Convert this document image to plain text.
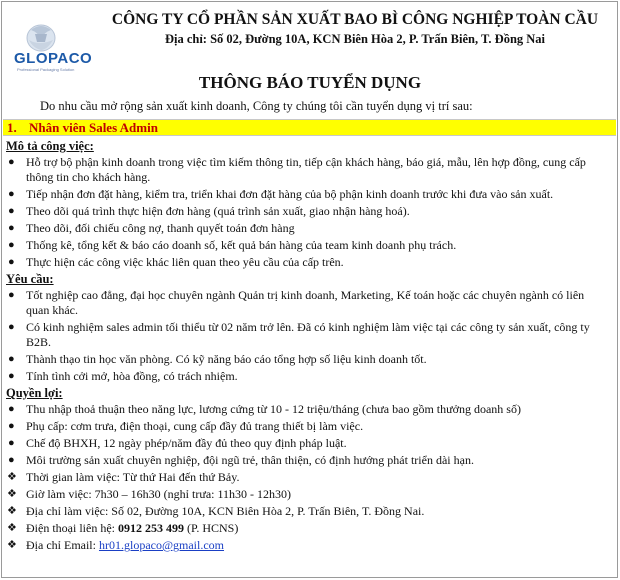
GLOPACO
Professional Packaging Solution
CÔNG TY CỔ PHẦN SẢN XUẤT BAO BÌ CÔNG NGHIỆP TOÀN CẦU
Địa chỉ: Số 02, Đường 10A, KCN Biên Hòa 2, P. Trấn Biên, T. Đồng Nai
THÔNG BÁO TUYỂN DỤNG
Do nhu cầu mở rộng sản xuất kinh doanh, Công ty chúng tôi cần tuyển dụng vị trí sau:
1. Nhân viên Sales Admin
Mô tả công việc:
● Hỗ trợ bộ phận kinh doanh trong việc tìm kiếm thông tin, tiếp cận khách hàng, báo giá, mẫu, lên hợp đồng, cung cấp thông tin cho khách hàng.
● Tiếp nhận đơn đặt hàng, kiểm tra, triển khai đơn đặt hàng của bộ phận kinh doanh trước khi đưa vào sản xuất.
● Theo dõi quá trình thực hiện đơn hàng (quá trình sản xuất, giao nhận hàng hoá).
● Theo dõi, đối chiếu công nợ, thanh quyết toán đơn hàng
● Thống kê, tổng kết & báo cáo doanh số, kết quả bán hàng của team kinh doanh phụ trách.
● Thực hiện các công việc khác liên quan theo yêu cầu của cấp trên.
Yêu cầu:
● Tốt nghiệp cao đẳng, đại học chuyên ngành Quản trị kinh doanh, Marketing, Kế toán hoặc các chuyên ngành có liên quan khác.
● Có kinh nghiệm sales admin tối thiểu từ 02 năm trở lên. Đã có kinh nghiệm làm việc tại các công ty sản xuất, công ty B2B.
● Thành thạo tin học văn phòng. Có kỹ năng báo cáo tổng hợp số liệu kinh doanh tốt.
● Tính tình cởi mở, hòa đồng, có trách nhiệm.
Quyền lợi:
● Thu nhập thoả thuận theo năng lực, lương cứng từ 10 - 12 triệu/tháng (chưa bao gồm thưởng doanh số)
● Phụ cấp: cơm trưa, điện thoại, cung cấp đầy đủ trang thiết bị làm việc.
● Chế độ BHXH, 12 ngày phép/năm đầy đủ theo quy định pháp luật.
● Môi trường sản xuất chuyên nghiệp, đội ngũ trẻ, thân thiện, có định hướng phát triển dài hạn.
❖ Thời gian làm việc: Từ thứ Hai đến thứ Bảy.
❖ Giờ làm việc: 7h30 – 16h30 (nghỉ trưa: 11h30 - 12h30)
❖ Địa chỉ làm việc: Số 02, Đường 10A, KCN Biên Hòa 2, P. Trấn Biên, T. Đồng Nai.
❖ Điện thoại liên hệ: 0912 253 499 (P. HCNS)
❖ Địa chỉ Email: hr01.glopaco@gmail.com
